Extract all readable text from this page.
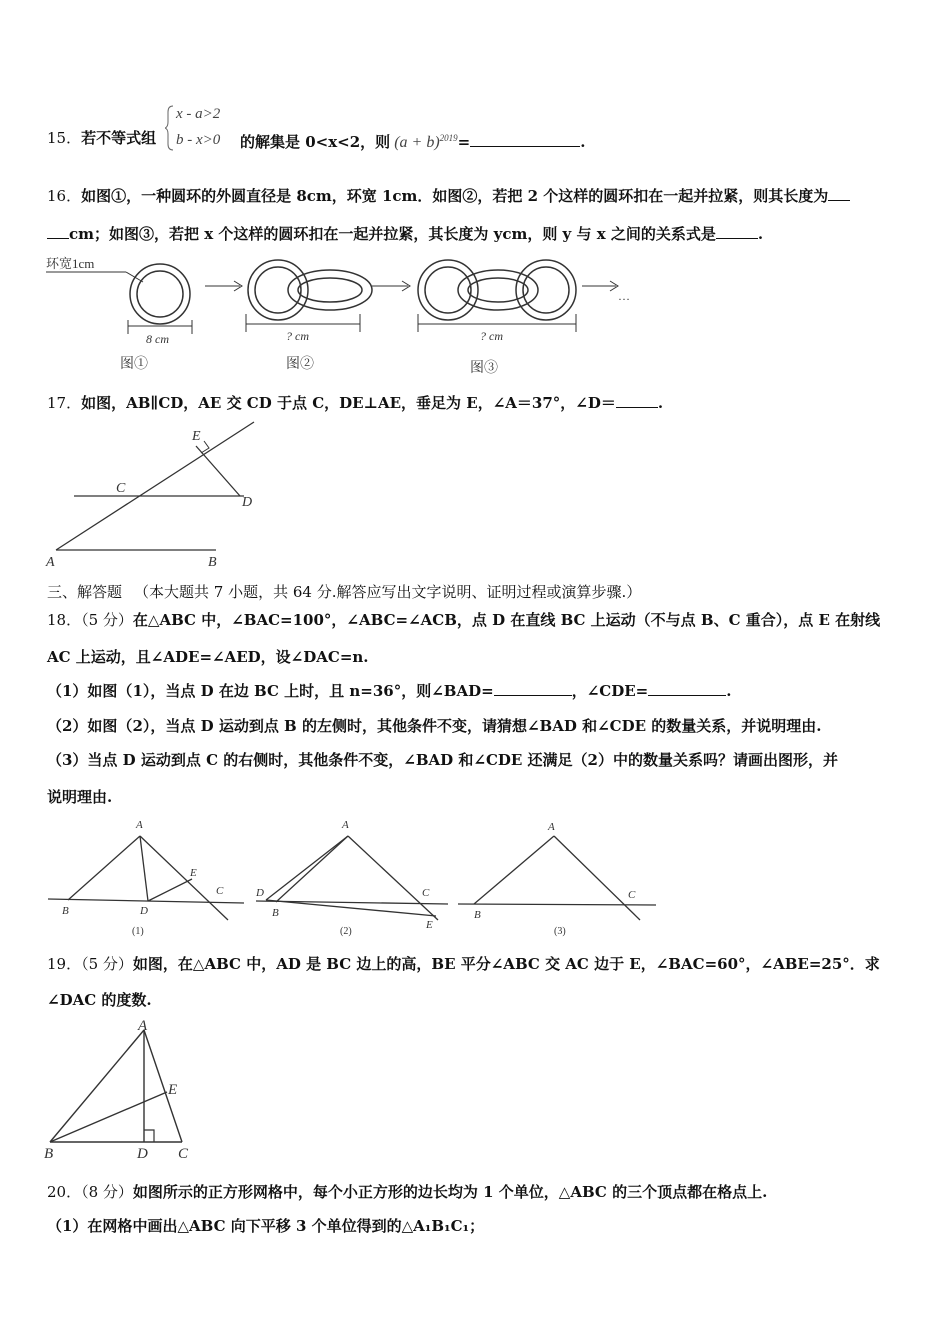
15．若不等式组
x - a>2
b - x>0 的解集是 0<x<2，则 $(a + b)^{2019}=$	.
16．如图①，一种圆环的外圆直径是 8cm，环宽 1cm．如图②，若把 2 个这样的圆环扣在一起并拉紧，则其长度为
cm；如图③，若把 x 个这样的圆环扣在一起并拉紧，其长度为 ycm，则 y 与 x 之间的关系式是	.
环宽1cm
8 cm
图①
? cm
图②
? cm
图③
…
17．如图，AB∥CD，AE 交 CD 于点 C，DE⊥AE，垂足为 E，∠A＝37°，∠D＝	.
E
C
D
A	B
三、解答题 （本大题共 7 小题，共 64 分.解答应写出文字说明、证明过程或演算步骤.）
18．（5 分）在△ABC 中，∠BAC=100°，∠ABC=∠ACB，点 D 在直线 BC 上运动（不与点 B、C 重合），点 E 在射线
AC 上运动，且∠ADE=∠AED，设∠DAC=n.
（1）如图（1），当点 D 在边 BC 上时，且 n=36°，则∠BAD=	，∠CDE=	.
（2）如图（2），当点 D 运动到点 B 的左侧时，其他条件不变，请猜想∠BAD 和∠CDE 的数量关系，并说明理由.
（3）当点 D 运动到点 C 的右侧时，其他条件不变，∠BAD 和∠CDE 还满足（2）中的数量关系吗？请画出图形，并
说明理由.
A
B	D
E
C
(1)
A
D
B
C
E
(2)
A
B
C
(3)
19．（5 分）如图，在△ABC 中，AD 是 BC 边上的高，BE 平分∠ABC 交 AC 边于 E，∠BAC=60°，∠ABE=25°．求
∠DAC 的度数.
A
E
B	D C
20．（8 分）如图所示的正方形网格中，每个小正方形的边长均为 1 个单位，△ABC 的三个顶点都在格点上.
（1）在网格中画出△ABC 向下平移 3 个单位得到的△A₁B₁C₁；
